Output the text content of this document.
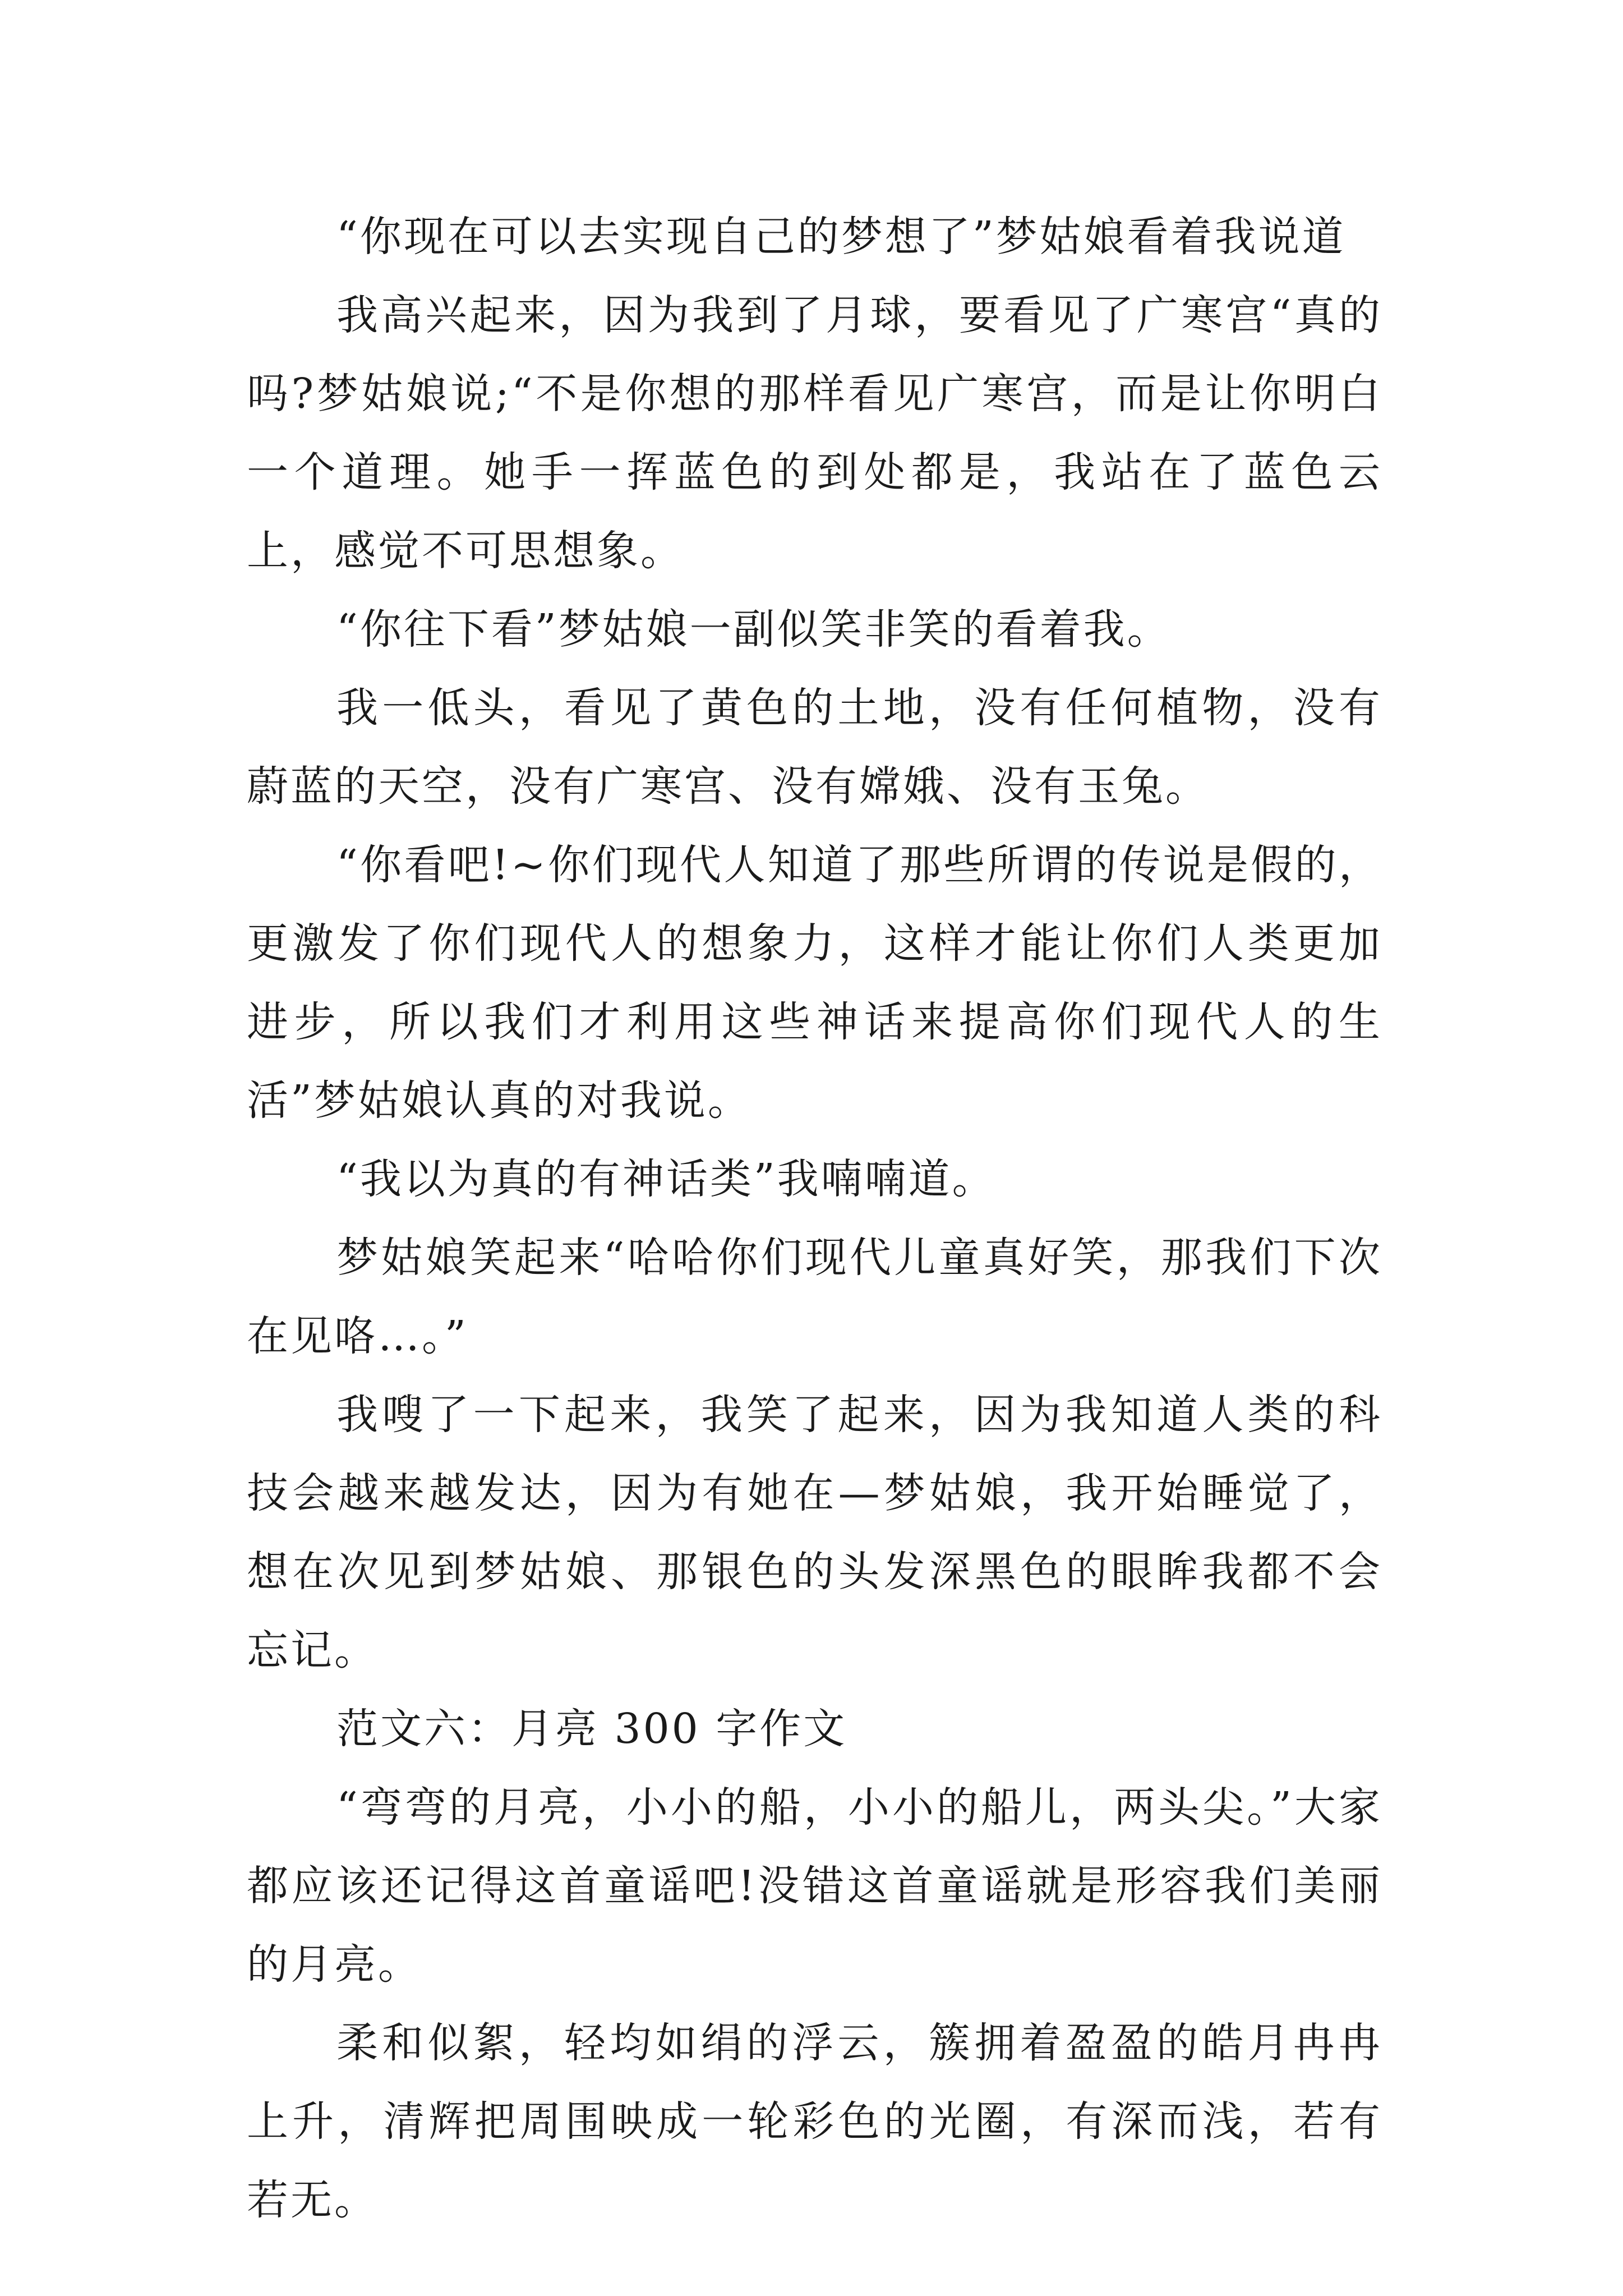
“你现在可以去实现自己的梦想了”梦姑娘看着我说道

我高兴起来，因为我到了月球，要看见了广寒宫“真的吗?梦姑娘说;“不是你想的那样看见广寒宫，而是让你明白一个道理。她手一挥蓝色的到处都是，我站在了蓝色云上，感觉不可思想象。

“你往下看”梦姑娘一副似笑非笑的看着我。

我一低头，看见了黄色的土地，没有任何植物，没有蔚蓝的天空，没有广寒宫、没有嫦娥、没有玉兔。

“你看吧!~你们现代人知道了那些所谓的传说是假的，更激发了你们现代人的想象力，这样才能让你们人类更加进步，所以我们才利用这些神话来提高你们现代人的生活”梦姑娘认真的对我说。

“我以为真的有神话类”我喃喃道。

梦姑娘笑起来“哈哈你们现代儿童真好笑，那我们下次在见咯…。”

我嗖了一下起来，我笑了起来，因为我知道人类的科技会越来越发达，因为有她在—梦姑娘，我开始睡觉了，想在次见到梦姑娘、那银色的头发深黑色的眼眸我都不会忘记。

范文六：月亮 300 字作文

“弯弯的月亮，小小的船，小小的船儿，两头尖。”大家都应该还记得这首童谣吧!没错这首童谣就是形容我们美丽的月亮。

柔和似絮，轻均如绢的浮云，簇拥着盈盈的皓月冉冉上升，清辉把周围映成一轮彩色的光圈，有深而浅，若有若无。
